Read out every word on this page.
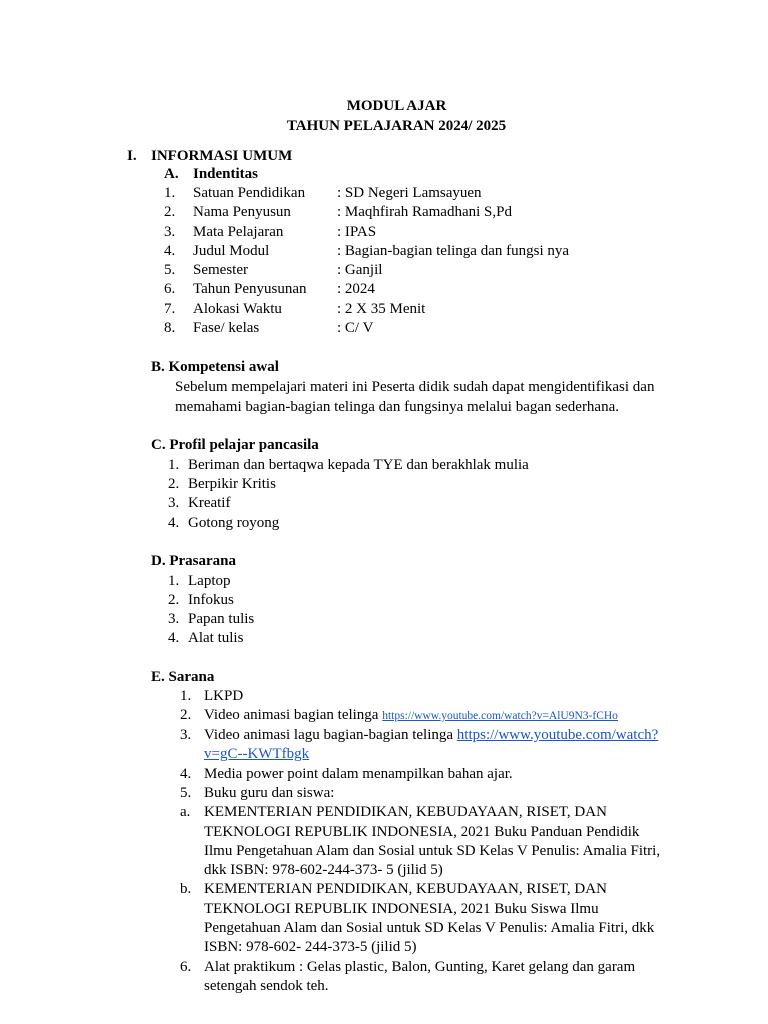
MODUL AJAR
TAHUN PELAJARAN 2024/ 2025
I. INFORMASI UMUM
A. Indentitas
1. Satuan Pendidikan : SD Negeri Lamsayuen
2. Nama Penyusun	: Maqhfirah Ramadhani S,Pd
3. Mata Pelajaran	: IPAS
4. Judul Modul	: Bagian-bagian telinga dan fungsi nya
5. Semester	: Ganjil
6. Tahun Penyusunan : 2024
7. Alokasi Waktu	: 2 X 35 Menit
8. Fase/ kelas	: C/ V
B. Kompetensi awal
Sebelum mempelajari materi ini Peserta didik sudah dapat mengidentifikasi dan
memahami bagian-bagian telinga dan fungsinya melalui bagan sederhana.
C. Profil pelajar pancasila
1. Beriman dan bertaqwa kepada TYE dan berakhlak mulia
2. Berpikir Kritis
3. Kreatif
4. Gotong royong
D. Prasarana
1. Laptop
2. Infokus
3. Papan tulis
4. Alat tulis
E. Sarana
1. LKPD
2. Video animasi bagian telinga https://www.youtube.com/watch?v=AlU9N3-fCHo
3. Video animasi lagu bagian-bagian telinga https://www.youtube.com/watch?
v=gC--KWTfbgk
4. Media power point dalam menampilkan bahan ajar.
5. Buku guru dan siswa:
a. KEMENTERIAN PENDIDIKAN, KEBUDAYAAN, RISET, DAN
TEKNOLOGI REPUBLIK INDONESIA, 2021 Buku Panduan Pendidik
Ilmu Pengetahuan Alam dan Sosial untuk SD Kelas V Penulis: Amalia Fitri,
dkk ISBN: 978-602-244-373- 5 (jilid 5)
b. KEMENTERIAN PENDIDIKAN, KEBUDAYAAN, RISET, DAN
TEKNOLOGI REPUBLIK INDONESIA, 2021 Buku Siswa Ilmu
Pengetahuan Alam dan Sosial untuk SD Kelas V Penulis: Amalia Fitri, dkk
ISBN: 978-602- 244-373-5 (jilid 5)
6. Alat praktikum : Gelas plastic, Balon, Gunting, Karet gelang dan garam
setengah sendok teh.
